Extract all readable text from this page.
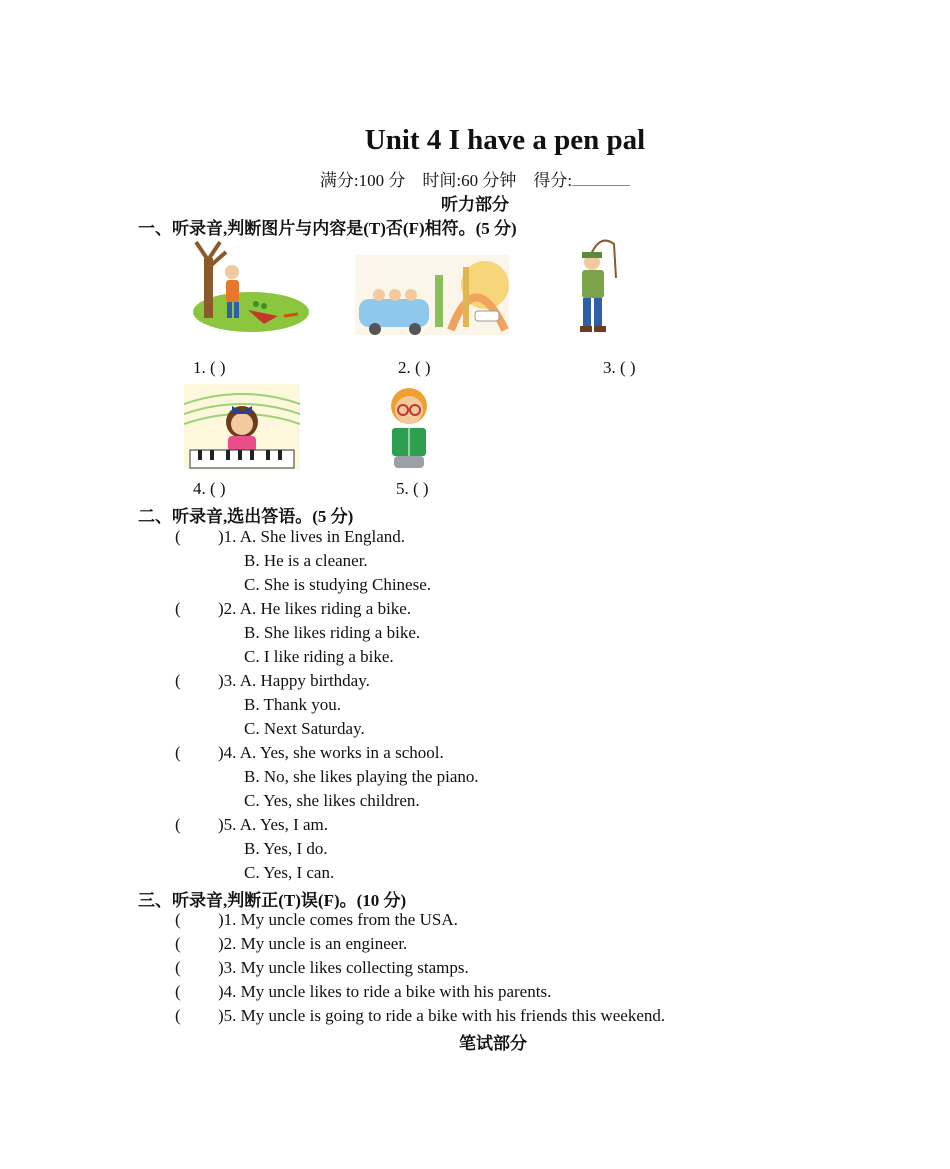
Unit 4 I have a pen pal
满分:100 分 时间:60 分钟 得分:
听力部分
一、听录音,判断图片与内容是(T)否(F)相符。(5 分)
1. ( )	2. ( )	3. ( )
4. ( )	5. ( )
二、听录音,选出答语。(5 分)
( )1. A. She lives in England.
B. He is a cleaner.
C. She is studying Chinese.
( )2. A. He likes riding a bike.
B. She likes riding a bike.
C. I like riding a bike.
( )3. A. Happy birthday.
B. Thank you.
C. Next Saturday.
( )4. A. Yes, she works in a school.
B. No, she likes playing the piano.
C. Yes, she likes children.
( )5. A. Yes, I am.
B. Yes, I do.
C. Yes, I can.
三、听录音,判断正(T)误(F)。(10 分)
( )1. My uncle comes from the USA.
( )2. My uncle is an engineer.
( )3. My uncle likes collecting stamps.
( )4. My uncle likes to ride a bike with his parents.
( )5. My uncle is going to ride a bike with his friends this weekend.
笔试部分
